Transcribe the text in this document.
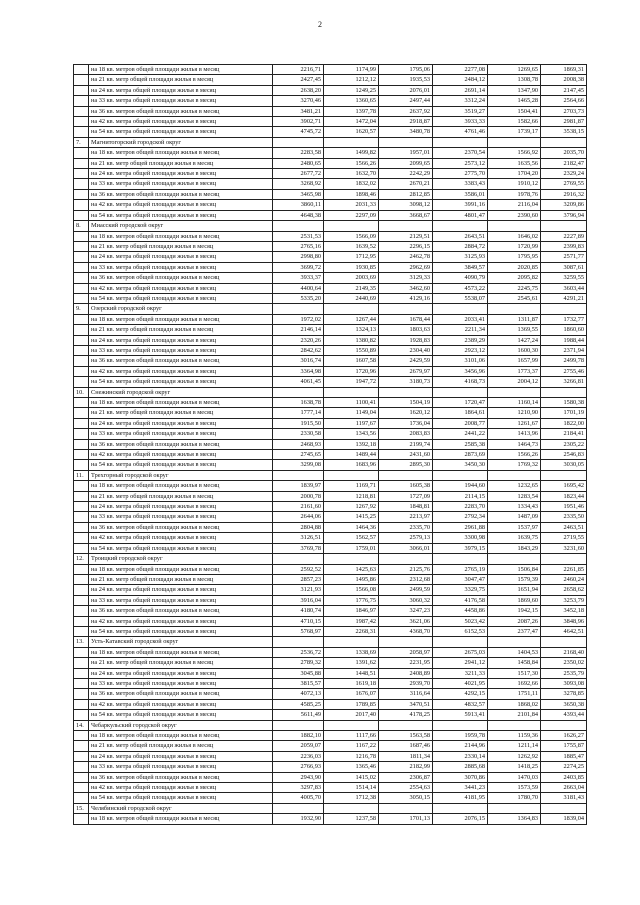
2
	на 18 кв. метров общей площади жилья в месяц	2216,71	1174,99	1795,06	2277,08	1269,65	1869,31
	на 21 кв. метр общей площади жилья в месяц	2427,45	1212,12	1935,53	2484,12	1308,78	2008,38
	на 24 кв. метра общей площади жилья в месяц	2638,20	1249,25	2076,01	2691,14	1347,90	2147,45
	на 33 кв. метра общей площади жилья в месяц	3270,46	1360,65	2497,44	3312,24	1465,28	2564,66
	на 36 кв. метров общей площади жилья в месяц	3481,21	1397,78	2637,92	3519,27	1504,41	2703,73
	на 42 кв. метра общей площади жилья в месяц	3902,71	1472,04	2918,87	3933,33	1582,66	2981,87
	на 54 кв. метра общей площади жилья в месяц	4745,72	1620,57	3480,78	4761,46	1739,17	3538,15
7.	Магнитогорский городской округ						
	на 18 кв. метров общей площади жилья в месяц	2283,58	1499,82	1957,01	2370,54	1566,92	2035,70
	на 21 кв. метр общей площади жилья в месяц	2480,65	1566,26	2099,65	2573,12	1635,56	2182,47
	на 24 кв. метра общей площади жилья в месяц	2677,72	1632,70	2242,29	2775,70	1704,20	2329,24
	на 33 кв. метра общей площади жилья в месяц	3268,92	1832,02	2670,21	3383,43	1910,12	2769,55
	на 36 кв. метров общей площади жилья в месяц	3465,98	1898,46	2812,85	3586,01	1978,76	2916,32
	на 42 кв. метра общей площади жилья в месяц	3860,11	2031,33	3098,12	3991,16	2116,04	3209,86
	на 54 кв. метра общей площади жилья в месяц	4648,38	2297,09	3668,67	4801,47	2390,60	3796,94
8.	Миасский городской округ						
	на 18 кв. метров общей площади жилья в месяц	2531,53	1566,09	2129,51	2643,51	1646,02	2227,89
	на 21 кв. метр общей площади жилья в месяц	2765,16	1639,52	2296,15	2884,72	1720,99	2399,83
	на 24 кв. метра общей площади жилья в месяц	2998,80	1712,95	2462,78	3125,93	1795,95	2571,77
	на 33 кв. метра общей площади жилья в месяц	3699,72	1930,85	2962,69	3849,57	2020,85	3087,61
	на 36 кв. метров общей площади жилья в месяц	3933,37	2003,69	3129,33	4090,79	2095,82	3259,55
	на 42 кв. метра общей площади жилья в месяц	4400,64	2149,35	3462,60	4573,22	2245,75	3603,44
	на 54 кв. метра общей площади жилья в месяц	5335,20	2440,69	4129,16	5538,07	2545,61	4291,21
9.	Озерский городской округ						
	на 18 кв. метров общей площади жилья в месяц	1972,02	1267,44	1678,44	2033,41	1311,87	1732,77
	на 21 кв. метр общей площади жилья в месяц	2146,14	1324,13	1803,63	2211,34	1369,55	1860,60
	на 24 кв. метра общей площади жилья в месяц	2320,26	1380,82	1928,83	2389,29	1427,24	1988,44
	на 33 кв. метра общей площади жилья в месяц	2842,62	1550,89	2304,40	2923,12	1600,30	2371,94
	на 36 кв. метров общей площади жилья в месяц	3016,74	1607,58	2429,59	3101,06	1657,99	2499,78
	на 42 кв. метра общей площади жилья в месяц	3364,98	1720,96	2679,97	3456,96	1773,37	2755,46
	на 54 кв. метра общей площади жилья в месяц	4061,45	1947,72	3180,73	4168,73	2004,12	3266,81
10.	Снежинский городской округ						
	на 18 кв. метров общей площади жилья в месяц	1638,78	1100,41	1504,19	1720,47	1160,14	1580,38
	на 21 кв. метр общей площади жилья в месяц	1777,14	1149,04	1620,12	1864,61	1210,90	1701,19
	на 24 кв. метра общей площади жилья в месяц	1915,50	1197,67	1736,04	2008,77	1261,67	1822,00
	на 33 кв. метра общей площади жилья в месяц	2330,58	1343,56	2083,83	2441,22	1413,96	2184,41
	на 36 кв. метров общей площади жилья в месяц	2468,93	1392,18	2199,74	2585,38	1464,73	2305,22
	на 42 кв. метра общей площади жилья в месяц	2745,65	1489,44	2431,60	2873,69	1566,26	2546,83
	на 54 кв. метра общей площади жилья в месяц	3299,08	1683,96	2895,30	3450,30	1769,32	3030,05
11.	Трехгорный городской округ						
	на 18 кв. метров общей площади жилья в месяц	1839,97	1169,71	1605,38	1944,60	1232,65	1695,42
	на 21 кв. метр общей площади жилья в месяц	2000,78	1218,81	1727,09	2114,15	1283,54	1823,44
	на 24 кв. метра общей площади жилья в месяц	2161,60	1267,92	1848,81	2283,70	1334,43	1951,46
	на 33 кв. метра общей площади жилья в месяц	2644,06	1415,25	2213,97	2792,34	1487,09	2335,50
	на 36 кв. метров общей площади жилья в месяц	2804,88	1464,36	2335,70	2961,88	1537,97	2463,51
	на 42 кв. метра общей площади жилья в месяц	3126,51	1562,57	2579,13	3300,98	1639,75	2719,55
	на 54 кв. метра общей площади жилья в месяц	3769,78	1759,01	3066,01	3979,15	1843,29	3231,60
12.	Троицкий городской округ						
	на 18 кв. метров общей площади жилья в месяц	2592,52	1425,63	2125,76	2765,19	1506,84	2261,85
	на 21 кв. метр общей площади жилья в месяц	2857,23	1495,86	2312,68	3047,47	1579,39	2460,24
	на 24 кв. метра общей площади жилья в месяц	3121,93	1566,08	2499,59	3329,75	1651,94	2658,62
	на 33 кв. метра общей площади жилья в месяц	3916,04	1776,75	3060,32	4176,58	1869,60	3253,79
	на 36 кв. метров общей площади жилья в месяц	4180,74	1846,97	3247,23	4458,86	1942,15	3452,18
	на 42 кв. метра общей площади жилья в месяц	4710,15	1987,42	3621,06	5023,42	2087,26	3848,96
	на 54 кв. метра общей площади жилья в месяц	5768,97	2268,31	4368,70	6152,53	2377,47	4642,51
13.	Усть-Катавский городской округ						
	на 18 кв. метров общей площади жилья в месяц	2536,72	1338,69	2058,97	2675,03	1404,53	2168,40
	на 21 кв. метр общей площади жилья в месяц	2789,32	1391,62	2231,95	2941,12	1458,84	2350,02
	на 24 кв. метра общей площади жилья в месяц	3045,88	1448,51	2408,89	3211,33	1517,30	2535,79
	на 33 кв. метра общей площади жилья в месяц	3815,57	1619,18	2939,70	4021,95	1692,66	3093,08
	на 36 кв. метров общей площади жилья в месяц	4072,13	1676,07	3116,64	4292,15	1751,11	3278,85
	на 42 кв. метра общей площади жилья в месяц	4585,25	1789,85	3470,51	4832,57	1868,02	3650,38
	на 54 кв. метра общей площади жилья в месяц	5611,49	2017,40	4178,25	5913,41	2101,84	4393,44
14.	Чебаркульский городской округ						
	на 18 кв. метров общей площади жилья в месяц	1882,10	1117,66	1563,58	1959,78	1159,36	1626,27
	на 21 кв. метр общей площади жилья в месяц	2059,07	1167,22	1687,46	2144,96	1211,14	1755,87
	на 24 кв. метра общей площади жилья в месяц	2236,03	1216,78	1811,34	2330,14	1262,92	1885,47
	на 33 кв. метра общей площади жилья в месяц	2766,93	1365,46	2182,99	2885,68	1418,25	2274,25
	на 36 кв. метров общей площади жилья в месяц	2943,90	1415,02	2306,87	3070,86	1470,03	2403,85
	на 42 кв. метра общей площади жилья в месяц	3297,83	1514,14	2554,63	3441,23	1573,59	2663,04
	на 54 кв. метра общей площади жилья в месяц	4005,70	1712,38	3050,15	4181,95	1780,70	3181,43
15.	Челябинский городской округ						
	на 18 кв. метров общей площади жилья в месяц	1932,90	1237,58	1701,13	2076,15	1364,83	1839,04
